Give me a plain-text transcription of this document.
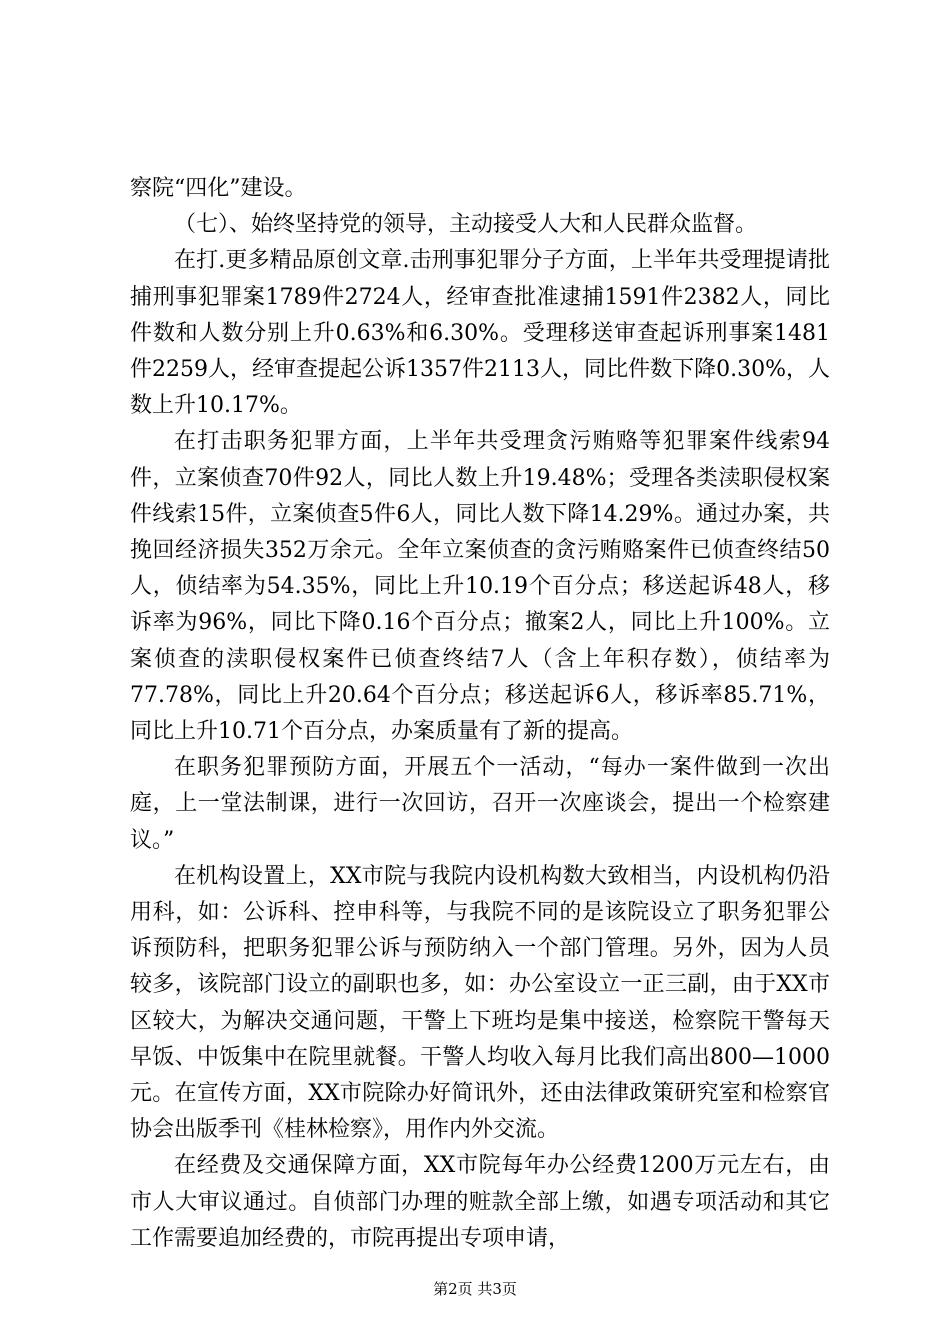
察院“四化”建设。

（七）、始终坚持党的领导，主动接受人大和人民群众监督。

在打.更多精品原创文章.击刑事犯罪分子方面，上半年共受理提请批捕刑事犯罪案1789件2724人，经审查批准逮捕1591件2382人，同比件数和人数分别上升0.63%和6.30%。受理移送审查起诉刑事案1481件2259人，经审查提起公诉1357件2113人，同比件数下降0.30%，人数上升10.17%。

在打击职务犯罪方面，上半年共受理贪污贿赂等犯罪案件线索94件，立案侦查70件92人，同比人数上升19.48%；受理各类渎职侵权案件线索15件，立案侦查5件6人，同比人数下降14.29%。通过办案，共挽回经济损失352万余元。全年立案侦查的贪污贿赂案件已侦查终结50人，侦结率为54.35%，同比上升10.19个百分点；移送起诉48人，移诉率为96%，同比下降0.16个百分点；撤案2人，同比上升100%。立案侦查的渎职侵权案件已侦查终结7人（含上年积存数），侦结率为77.78%，同比上升20.64个百分点；移送起诉6人，移诉率85.71%，同比上升10.71个百分点，办案质量有了新的提高。

在职务犯罪预防方面，开展五个一活动，“每办一案件做到一次出庭，上一堂法制课，进行一次回访，召开一次座谈会，提出一个检察建议。”

在机构设置上，XX市院与我院内设机构数大致相当，内设机构仍沿用科，如：公诉科、控申科等，与我院不同的是该院设立了职务犯罪公诉预防科，把职务犯罪公诉与预防纳入一个部门管理。另外，因为人员较多，该院部门设立的副职也多，如：办公室设立一正三副，由于XX市区较大，为解决交通问题，干警上下班均是集中接送，检察院干警每天早饭、中饭集中在院里就餐。干警人均收入每月比我们高出800—1000元。在宣传方面，XX市院除办好简讯外，还由法律政策研究室和检察官协会出版季刊《桂林检察》，用作内外交流。

在经费及交通保障方面，XX市院每年办公经费1200万元左右，由市人大审议通过。自侦部门办理的赃款全部上缴，如遇专项活动和其它工作需要追加经费的，市院再提出专项申请，

第2页 共3页
